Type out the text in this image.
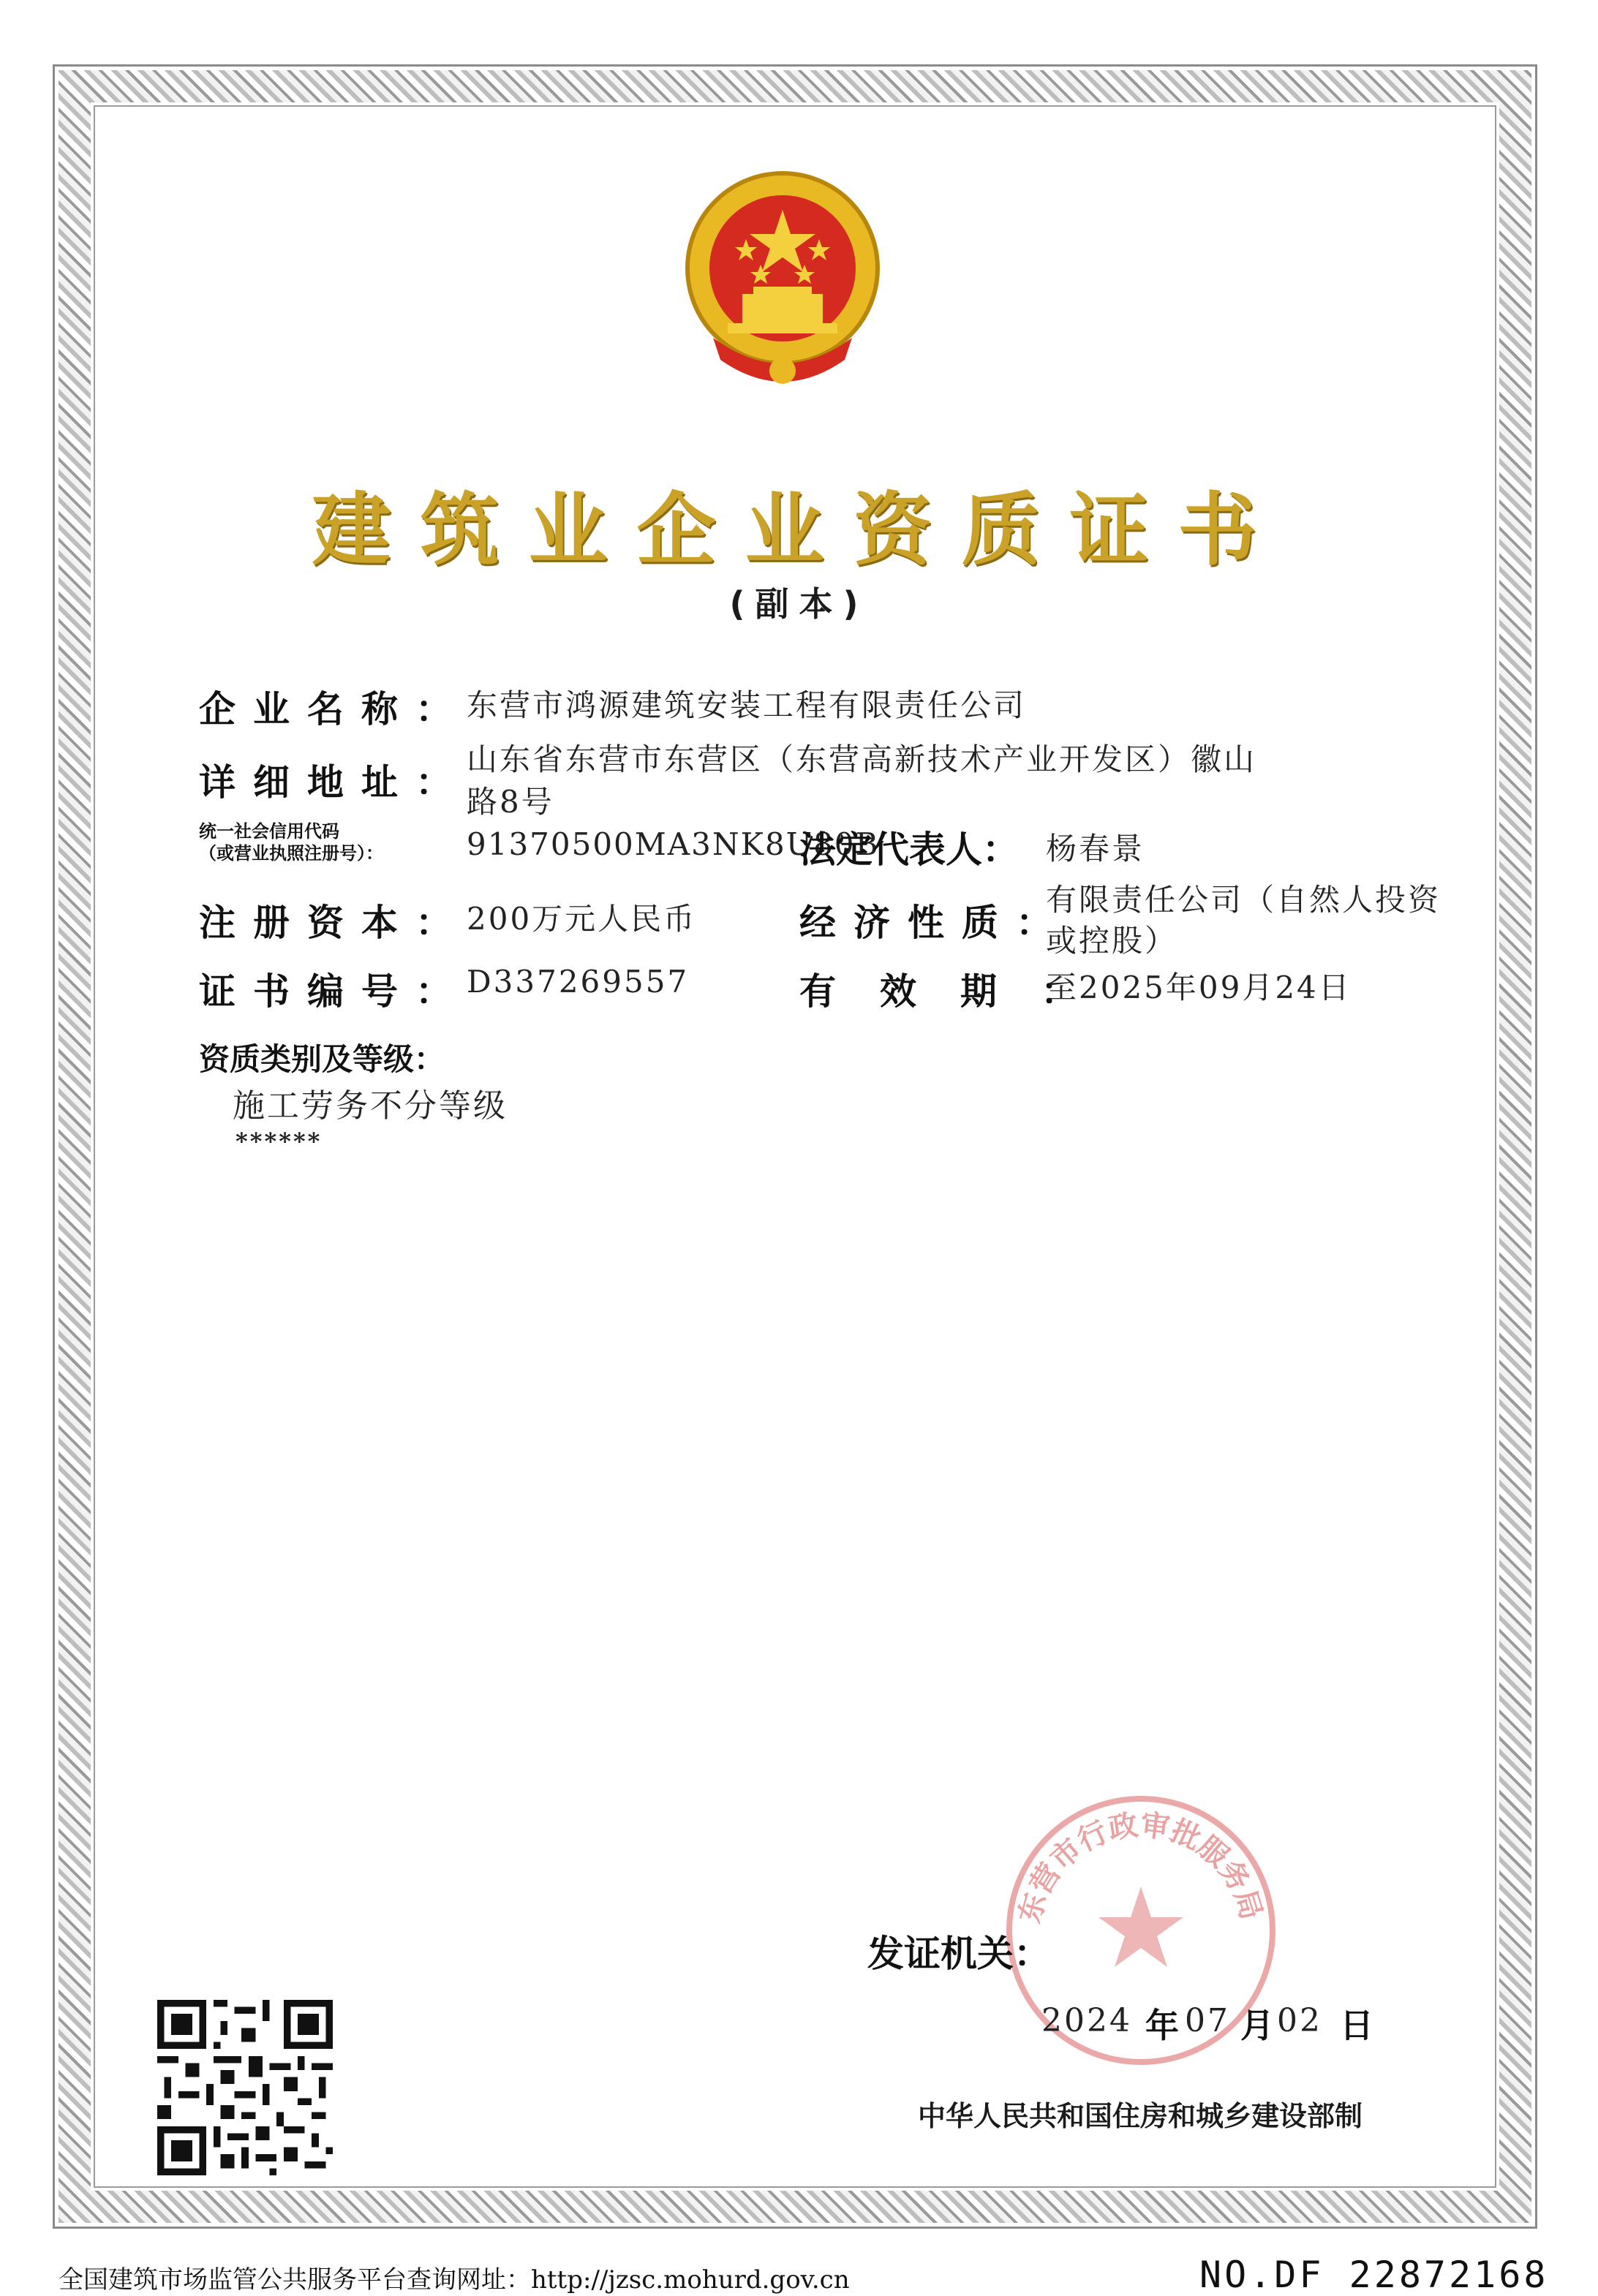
建筑业企业资质证书
(副本)
企业名称：
东营市鸿源建筑安装工程有限责任公司
详细地址：
山东省东营市东营区（东营高新技术产业开发区）徽山
路8号
统一社会信用代码
（或营业执照注册号）：	91370500MA3NK8U80B
法定代表人： 杨春景
注册资本：
200万元人民币	经济性质：
有限责任公司（自然人投资
或控股）
证书编号：
D337269557	有效期：
至2025年09月24日
资质类别及等级：
施工劳务不分等级
******
东营市行政审批服务局
发证机关：
2024 年 07 月 02 日
中华人民共和国住房和城乡建设部制
全国建筑市场监管公共服务平台查询网址：http://jzsc.mohurd.gov.cn	NO.DF 22872168
